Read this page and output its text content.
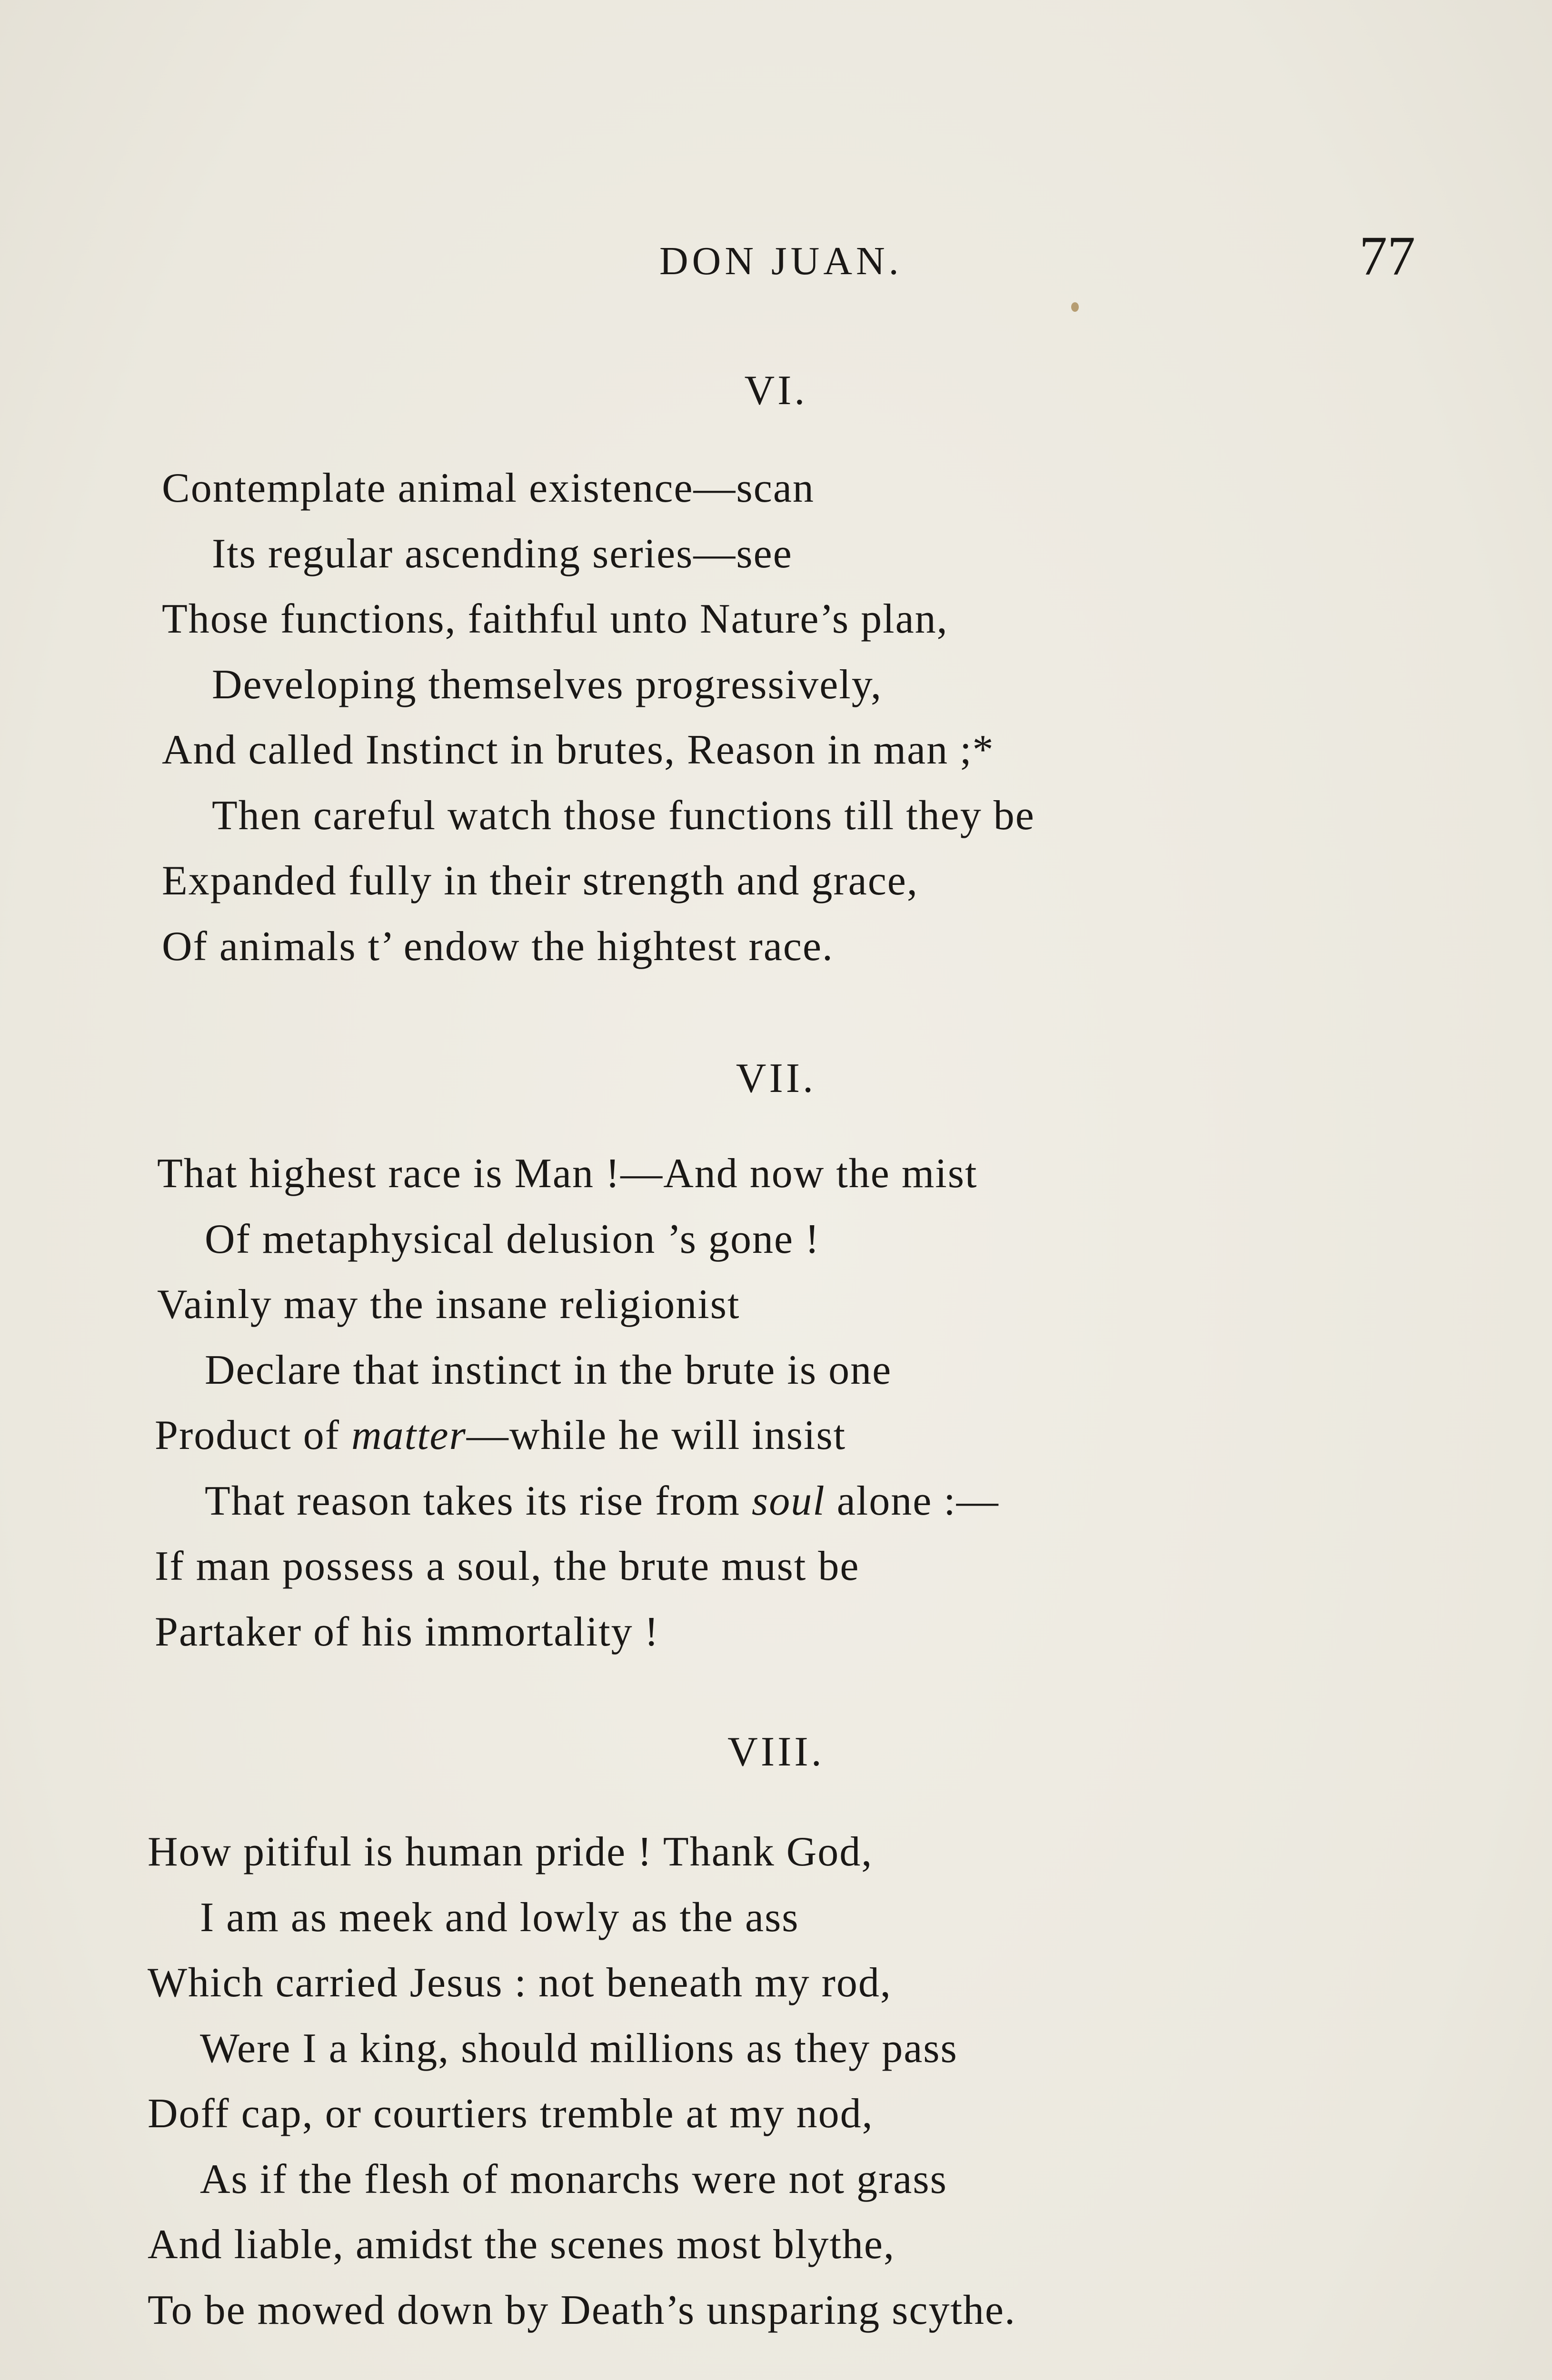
DON JUAN.	77
VI.
Contemplate animal existence—scan
Its regular ascending series—see
Those functions, faithful unto Nature’s plan,
Developing themselves progressively,
And called Instinct in brutes, Reason in man ;*
Then careful watch those functions till they be
Expanded fully in their strength and grace,
Of animals t’ endow the hightest race.
VII.
That highest race is Man !—And now the mist
Of metaphysical delusion ’s gone !
Vainly may the insane religionist
Declare that instinct in the brute is one
Product of matter—while he will insist
That reason takes its rise from soul alone :—
If man possess a soul, the brute must be
Partaker of his immortality !
VIII.
How pitiful is human pride ! Thank God,
I am as meek and lowly as the ass
Which carried Jesus : not beneath my rod,
Were I a king, should millions as they pass
Doff cap, or courtiers tremble at my nod,
As if the flesh of monarchs were not grass
And liable, amidst the scenes most blythe,
To be mowed down by Death’s unsparing scythe.
